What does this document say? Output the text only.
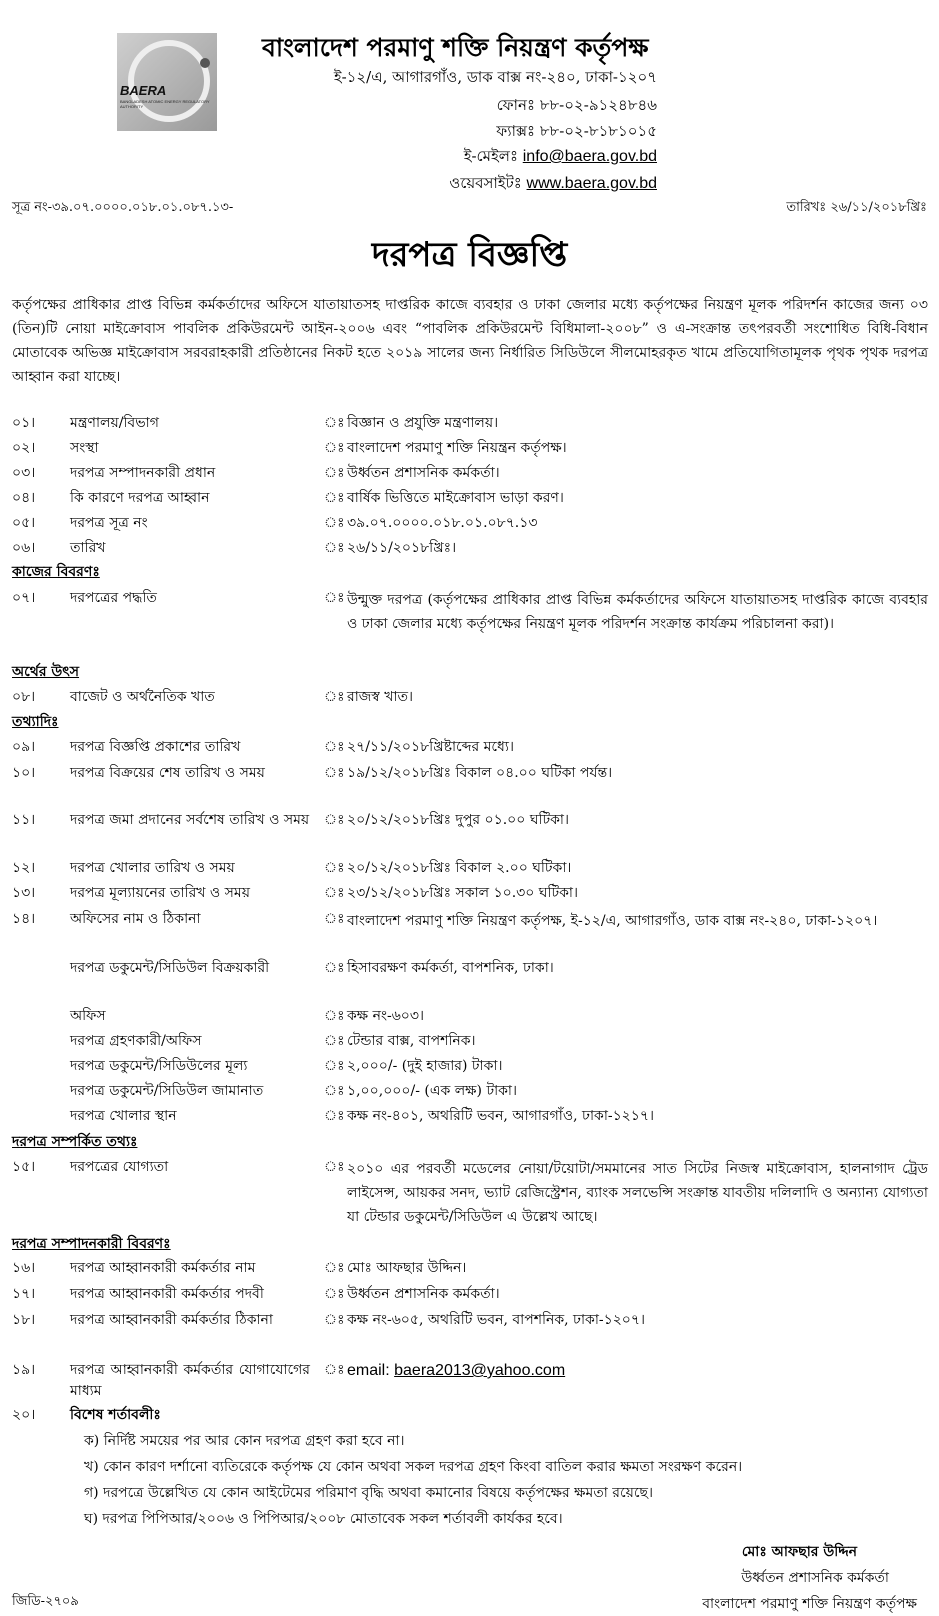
BAERA
BANGLADESH ATOMIC ENERGY REGULATORY AUTHORITY
বাংলাদেশ পরমাণু শক্তি নিয়ন্ত্রণ কর্তৃপক্ষ
ই-১২/এ, আগারগাঁও, ডাক বাক্স নং-২৪০, ঢাকা-১২০৭
ফোনঃ ৮৮-০২-৯১২৪৮৪৬
ফ্যাক্সঃ ৮৮-০২-৮১৮১০১৫
ই-মেইলঃ info@baera.gov.bd
ওয়েবসাইটঃ www.baera.gov.bd
সূত্র নং-৩৯.০৭.০০০০.০১৮.০১.০৮৭.১৩-	তারিখঃ ২৬/১১/২০১৮খ্রিঃ
দরপত্র বিজ্ঞপ্তি
কর্তৃপক্ষের প্রাধিকার প্রাপ্ত বিভিন্ন কর্মকর্তাদের অফিসে যাতায়াতসহ দাপ্তরিক কাজে ব্যবহার ও ঢাকা জেলার মধ্যে কর্তৃপক্ষের নিয়ন্ত্রণ মূলক পরিদর্শন কাজের জন্য ০৩ (তিন)টি নোয়া মাইক্রোবাস পাবলিক প্রকিউরমেন্ট আইন-২০০৬ এবং “পাবলিক প্রকিউরমেন্ট বিধিমালা-২০০৮” ও এ-সংক্রান্ত তৎপরবর্তী সংশোধিত বিধি-বিধান মোতাবেক অভিজ্ঞ মাইক্রোবাস সরবরাহকারী প্রতিষ্ঠানের নিকট হতে ২০১৯ সালের জন্য নির্ধারিত সিডিউলে সীলমোহরকৃত খামে প্রতিযোগিতামূলক পৃথক পৃথক দরপত্র আহ্বান করা যাচ্ছে।
০১।	মন্ত্রণালয়/বিভাগ	ঃ বিজ্ঞান ও প্রযুক্তি মন্ত্রণালয়।
০২।	সংস্থা	ঃ বাংলাদেশ পরমাণু শক্তি নিয়ন্ত্রন কর্তৃপক্ষ।
০৩।	দরপত্র সম্পাদনকারী প্রধান	ঃ উর্ধ্বতন প্রশাসনিক কর্মকর্তা।
০৪।	কি কারণে দরপত্র আহ্বান	ঃ বার্ষিক ভিত্তিতে মাইক্রোবাস ভাড়া করণ।
০৫।	দরপত্র সূত্র নং	ঃ ৩৯.০৭.০০০০.০১৮.০১.০৮৭.১৩
০৬।	তারিখ	ঃ ২৬/১১/২০১৮খ্রিঃ।
কাজের বিবরণঃ
০৭।	দরপত্রের পদ্ধতি	ঃ উন্মুক্ত দরপত্র (কর্তৃপক্ষের প্রাধিকার প্রাপ্ত বিভিন্ন কর্মকর্তাদের অফিসে যাতায়াতসহ দাপ্তরিক কাজে ব্যবহার ও ঢাকা জেলার মধ্যে কর্তৃপক্ষের নিয়ন্ত্রণ মূলক পরিদর্শন সংক্রান্ত কার্যক্রম পরিচালনা করা)।
অর্থের উৎস
০৮।	বাজেট ও অর্থনৈতিক খাত	ঃ রাজস্ব খাত।
তথ্যাদিঃ
০৯।	দরপত্র বিজ্ঞপ্তি প্রকাশের তারিখ	ঃ ২৭/১১/২০১৮খ্রিষ্টাব্দের মধ্যে।
১০।	দরপত্র বিক্রয়ের শেষ তারিখ ও সময়	ঃ ১৯/১২/২০১৮খ্রিঃ বিকাল ০৪.০০ ঘটিকা পর্যন্ত।
১১।	দরপত্র জমা প্রদানের সর্বশেষ তারিখ ও সময়	ঃ ২০/১২/২০১৮খ্রিঃ দুপুর ০১.০০ ঘটিকা।
১২।	দরপত্র খোলার তারিখ ও সময়	ঃ ২০/১২/২০১৮খ্রিঃ বিকাল ২.০০ ঘটিকা।
১৩।	দরপত্র মূল্যায়নের তারিখ ও সময়	ঃ ২৩/১২/২০১৮খ্রিঃ সকাল ১০.৩০ ঘটিকা।
১৪।	অফিসের নাম ও ঠিকানা	ঃ বাংলাদেশ পরমাণু শক্তি নিয়ন্ত্রণ কর্তৃপক্ষ, ই-১২/এ, আগারগাঁও, ডাক বাক্স নং-২৪০, ঢাকা-১২০৭।
দরপত্র ডকুমেন্ট/সিডিউল বিক্রয়কারী	ঃ হিসাবরক্ষণ কর্মকর্তা, বাপশনিক, ঢাকা।
অফিস	ঃ কক্ষ নং-৬০৩।
দরপত্র গ্রহণকারী/অফিস	ঃ টেন্ডার বাক্স, বাপশনিক।
দরপত্র ডকুমেন্ট/সিডিউলের মূল্য	ঃ ২,০০০/- (দুই হাজার) টাকা।
দরপত্র ডকুমেন্ট/সিডিউল জামানাত	ঃ ১,০০,০০০/- (এক লক্ষ) টাকা।
দরপত্র খোলার স্থান	ঃ কক্ষ নং-৪০১, অথরিটি ভবন, আগারগাঁও, ঢাকা-১২১৭।
দরপত্র সম্পর্কিত তথ্যঃ
১৫।	দরপত্রের যোগ্যতা	ঃ ২০১০ এর পরবর্তী মডেলের নোয়া/টয়োটা/সমমানের সাত সিটের নিজস্ব মাইক্রোবাস, হালনাগাদ ট্রেড লাইসেন্স, আয়কর সনদ, ভ্যাট রেজিস্ট্রেশন, ব্যাংক সলভেন্সি সংক্রান্ত যাবতীয় দলিলাদি ও অন্যান্য যোগ্যতা যা টেন্ডার ডকুমেন্ট/সিডিউল এ উল্লেখ আছে।
দরপত্র সম্পাদনকারী বিবরণঃ
১৬।	দরপত্র আহ্বানকারী কর্মকর্তার নাম	ঃ মোঃ আফছার উদ্দিন।
১৭।	দরপত্র আহ্বানকারী কর্মকর্তার পদবী	ঃ উর্ধ্বতন প্রশাসনিক কর্মকর্তা।
১৮।	দরপত্র আহ্বানকারী কর্মকর্তার ঠিকানা	ঃ কক্ষ নং-৬০৫, অথরিটি ভবন, বাপশনিক, ঢাকা-১২০৭।
১৯।	দরপত্র আহ্বানকারী কর্মকর্তার যোগাযোগের মাধ্যম
ঃ email: baera2013@yahoo.com
২০।	বিশেষ শর্তাবলীঃ
ক) নির্দিষ্ট সময়ের পর আর কোন দরপত্র গ্রহণ করা হবে না।
খ) কোন কারণ দর্শানো ব্যতিরেকে কর্তৃপক্ষ যে কোন অথবা সকল দরপত্র গ্রহণ কিংবা বাতিল করার ক্ষমতা সংরক্ষণ করেন।
গ) দরপত্রে উল্লেখিত যে কোন আইটেমের পরিমাণ বৃদ্ধি অথবা কমানোর বিষয়ে কর্তৃপক্ষের ক্ষমতা রয়েছে।
ঘ) দরপত্র পিপিআর/২০০৬ ও পিপিআর/২০০৮ মোতাবেক সকল শর্তাবলী কার্যকর হবে।
মোঃ আফছার উদ্দিন
উর্ধ্বতন প্রশাসনিক কর্মকর্তা
বাংলাদেশ পরমাণু শক্তি নিয়ন্ত্রণ কর্তৃপক্ষ
জিডি-২৭০৯
